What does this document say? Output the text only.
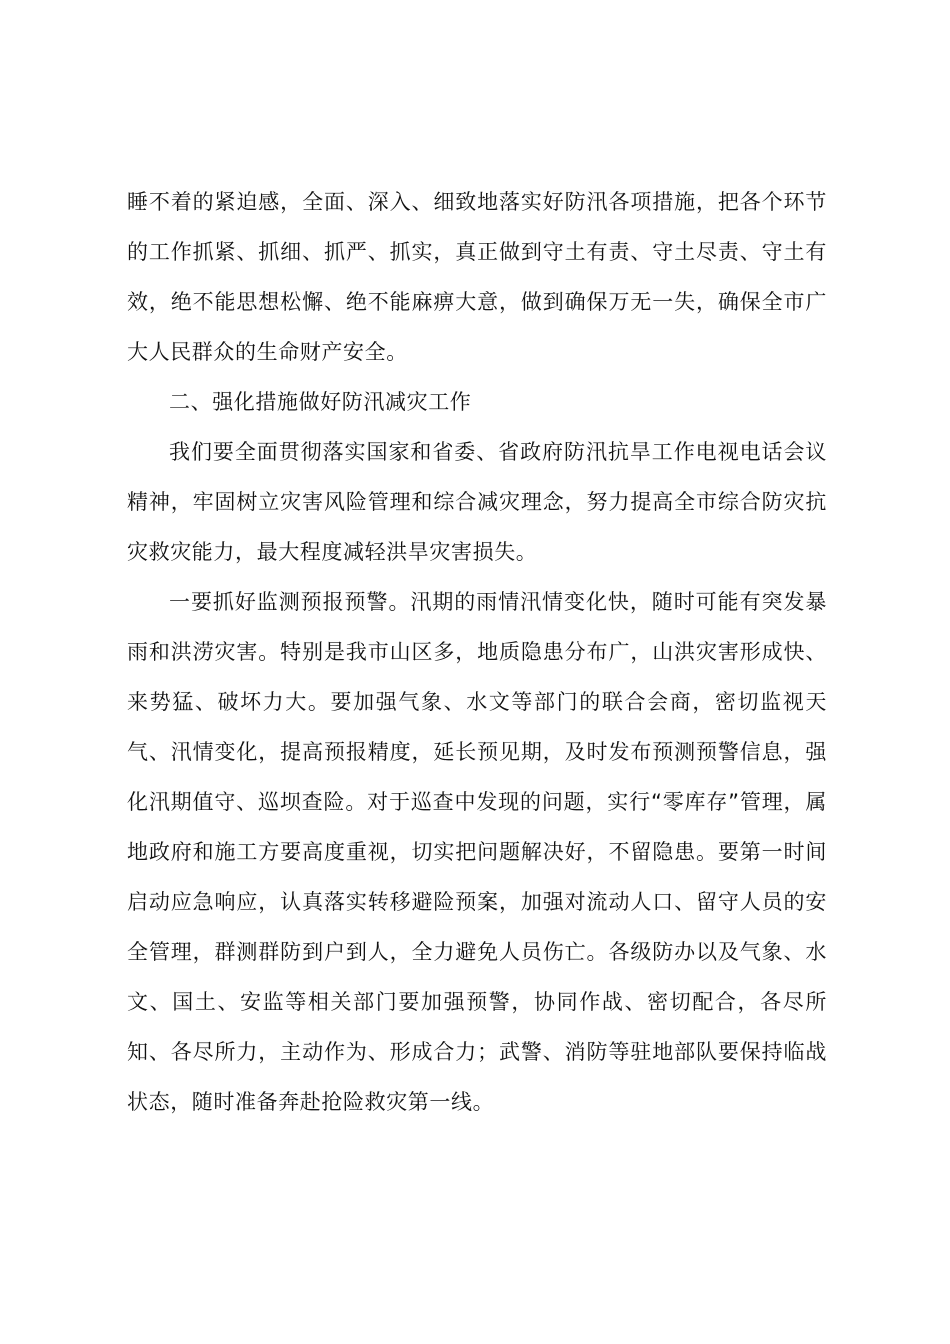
睡不着的紧迫感，全面、深入、细致地落实好防汛各项措施，把各个环节的工作抓紧、抓细、抓严、抓实，真正做到守土有责、守土尽责、守土有效，绝不能思想松懈、绝不能麻痹大意，做到确保万无一失，确保全市广大人民群众的生命财产安全。

二、强化措施做好防汛减灾工作

我们要全面贯彻落实国家和省委、省政府防汛抗旱工作电视电话会议精神，牢固树立灾害风险管理和综合减灾理念，努力提高全市综合防灾抗灾救灾能力，最大程度减轻洪旱灾害损失。

一要抓好监测预报预警。汛期的雨情汛情变化快，随时可能有突发暴雨和洪涝灾害。特别是我市山区多，地质隐患分布广，山洪灾害形成快、来势猛、破坏力大。要加强气象、水文等部门的联合会商，密切监视天气、汛情变化，提高预报精度，延长预见期，及时发布预测预警信息，强化汛期值守、巡坝查险。对于巡查中发现的问题，实行“零库存”管理，属地政府和施工方要高度重视，切实把问题解决好，不留隐患。要第一时间启动应急响应，认真落实转移避险预案，加强对流动人口、留守人员的安全管理，群测群防到户到人，全力避免人员伤亡。各级防办以及气象、水文、国土、安监等相关部门要加强预警，协同作战、密切配合，各尽所知、各尽所力，主动作为、形成合力；武警、消防等驻地部队要保持临战状态，随时准备奔赴抢险救灾第一线。
